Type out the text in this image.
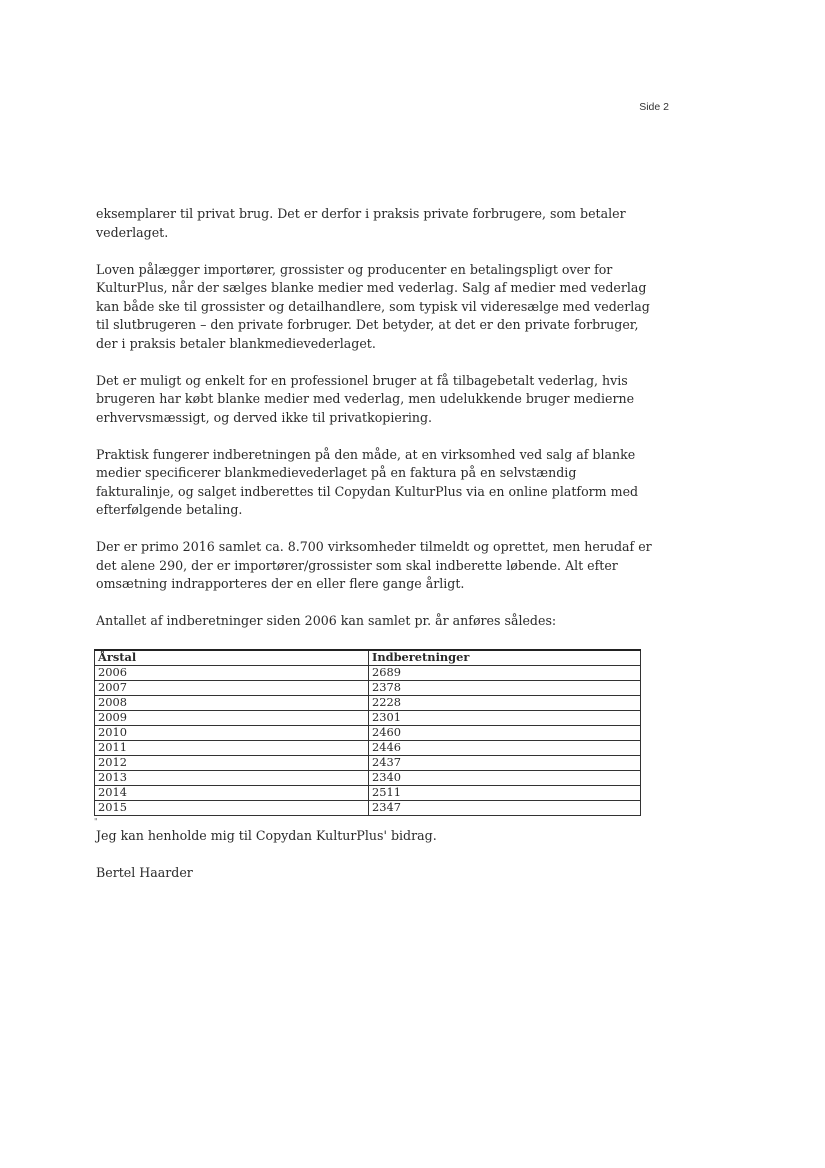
Side 2

eksemplarer til privat brug. Det er derfor i praksis private forbrugere, som betaler vederlaget.

Loven pålægger importører, grossister og producenter en betalingspligt over for KulturPlus, når der sælges blanke medier med vederlag. Salg af medier med vederlag kan både ske til grossister og detailhandlere, som typisk vil videresælge med vederlag til slutbrugeren – den private forbruger. Det betyder, at det er den private forbruger, der i praksis betaler blankmedievederlaget.

Det er muligt og enkelt for en professionel bruger at få tilbagebetalt vederlag, hvis brugeren har købt blanke medier med vederlag, men udelukkende bruger medierne erhvervsmæssigt, og derved ikke til privatkopiering.

Praktisk fungerer indberetningen på den måde, at en virksomhed ved salg af blanke medier specificerer blankmedievederlaget på en faktura på en selvstændig fakturalinje, og salget indberettes til Copydan KulturPlus via en online platform med efterfølgende betaling.

Der er primo 2016 samlet ca. 8.700 virksomheder tilmeldt og oprettet, men herudaf er det alene 290, der er importører/grossister som skal indberette løbende. Alt efter omsætning indrapporteres der en eller flere gange årligt.

Antallet af indberetninger siden 2006 kan samlet pr. år anføres således:

Årstal	Indberetninger
2006	2689
2007	2378
2008	2228
2009	2301
2010	2460
2011	2446
2012	2437
2013	2340
2014	2511
2015	2347
"

Jeg kan henholde mig til Copydan KulturPlus' bidrag.

Bertel Haarder
